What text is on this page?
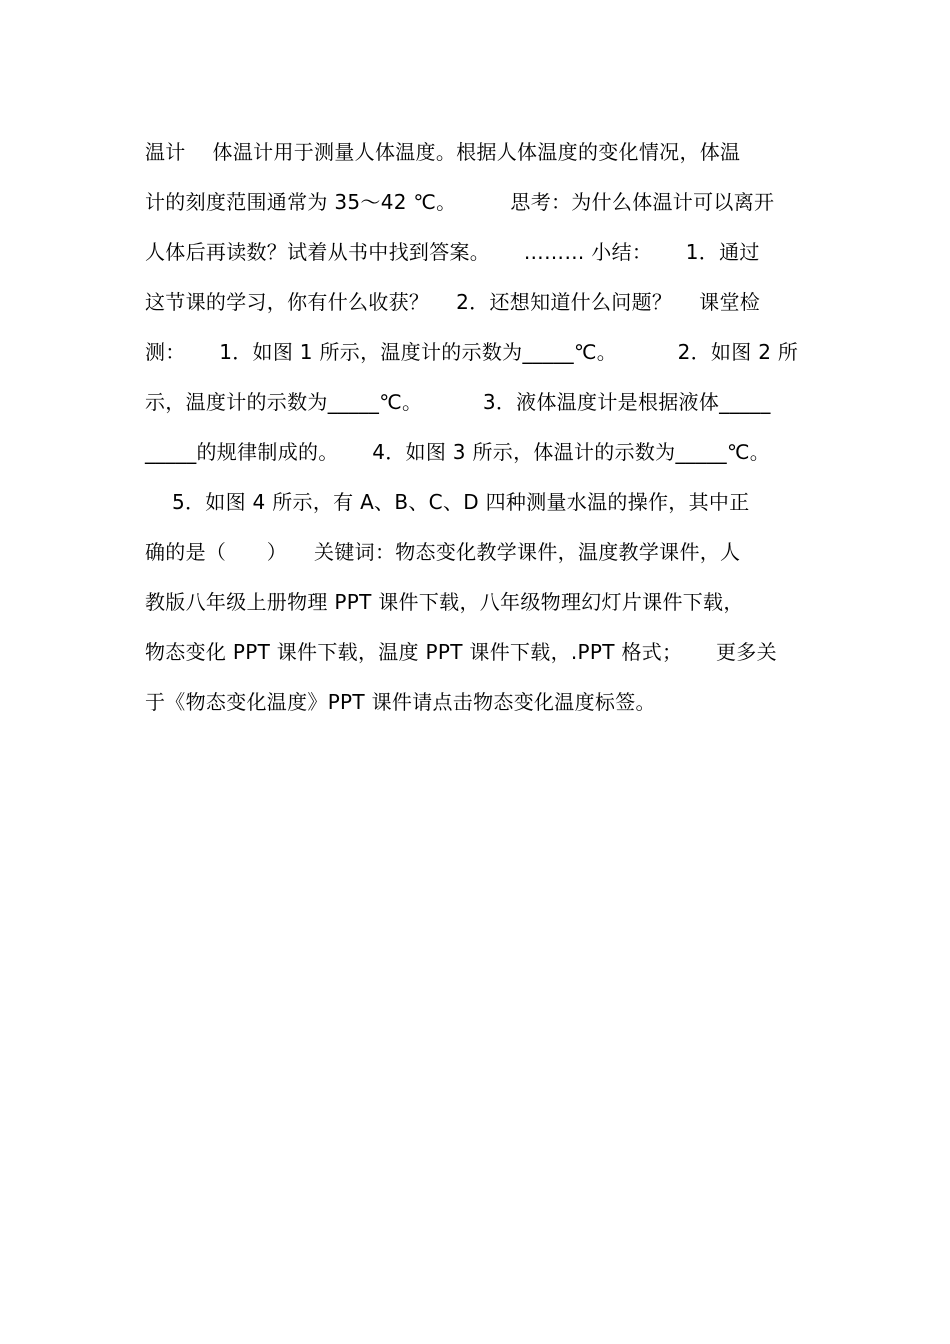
温计　 体温计用于测量人体温度。根据人体温度的变化情况，体温
计的刻度范围通常为 35～42 ℃。 　 　思考：为什么体温计可以离开
人体后再读数？试着从书中找到答案。 　 ……… 小结： 　 1．通过
这节课的学习，你有什么收获？ 　2．还想知道什么问题？ 　课堂检
测： 　 1．如图 1 所示，温度计的示数为_____℃。 　 　 2．如图 2 所
示，温度计的示数为_____℃。 　 　 3．液体温度计是根据液体_____
_____的规律制成的。 　 4．如图 3 所示，体温计的示数为_____℃。
　 5．如图 4 所示，有 A、B、C、D 四种测量水温的操作，其中正
确的是（　　） 　关键词：物态变化教学课件，温度教学课件，人
教版八年级上册物理 PPT 课件下载，八年级物理幻灯片课件下载，
物态变化 PPT 课件下载，温度 PPT 课件下载，.PPT 格式； 　 更多关
于《物态变化温度》PPT 课件请点击物态变化温度标签。
